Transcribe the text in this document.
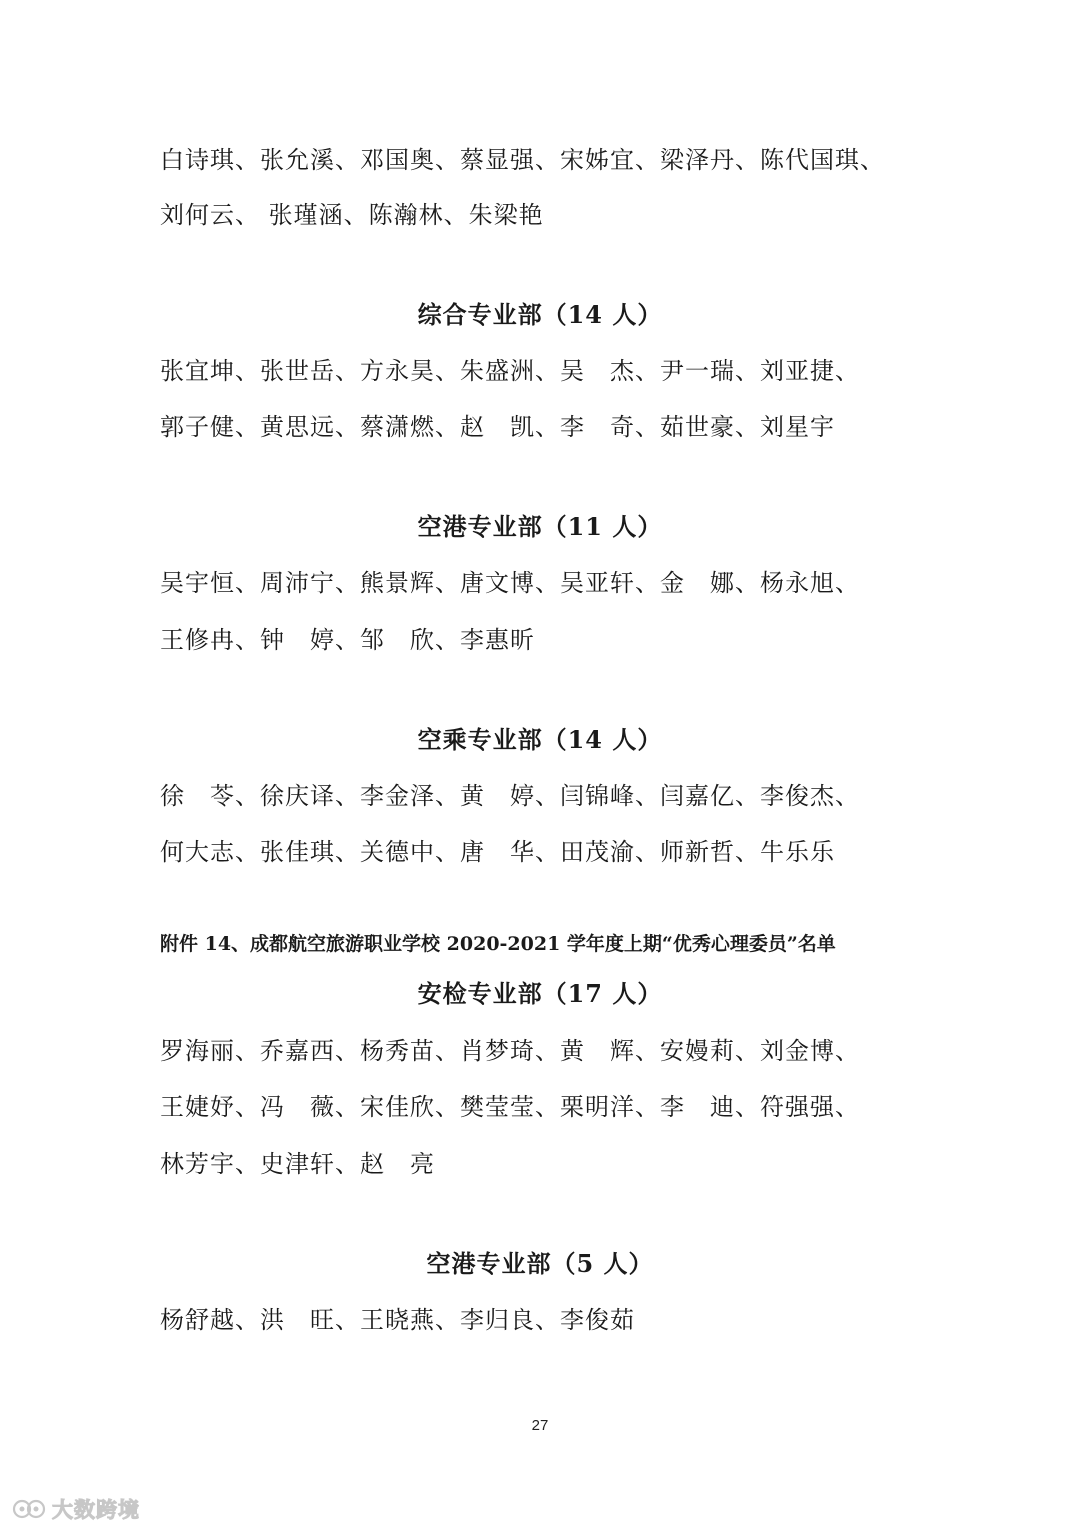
白诗琪、张允溪、邓国奥、蔡显强、宋姊宜、梁泽丹、陈代国琪、
刘何云、 张瑾涵、陈瀚林、朱梁艳
综合专业部（14 人）
张宜坤、张世岳、方永昊、朱盛洲、吴　杰、尹一瑞、刘亚捷、
郭子健、黄思远、蔡潇燃、赵　凯、李　奇、茹世豪、刘星宇
空港专业部（11 人）
吴宇恒、周沛宁、熊景辉、唐文博、吴亚轩、金　娜、杨永旭、
王修冉、钟　婷、邹　欣、李惠昕
空乘专业部（14 人）
徐　苓、徐庆译、李金泽、黄　婷、闫锦峰、闫嘉亿、李俊杰、
何大志、张佳琪、关德中、唐　华、田茂渝、师新哲、牛乐乐
附件 14、成都航空旅游职业学校 2020-2021 学年度上期“优秀心理委员”名单
安检专业部（17 人）
罗海丽、乔嘉西、杨秀苗、肖梦琦、黄　辉、安嫚莉、刘金博、
王婕妤、冯　薇、宋佳欣、樊莹莹、栗明洋、李　迪、符强强、
林芳宇、史津轩、赵　亮
空港专业部（5 人）
杨舒越、洪　旺、王晓燕、李归良、李俊茹
27
大数跨境
